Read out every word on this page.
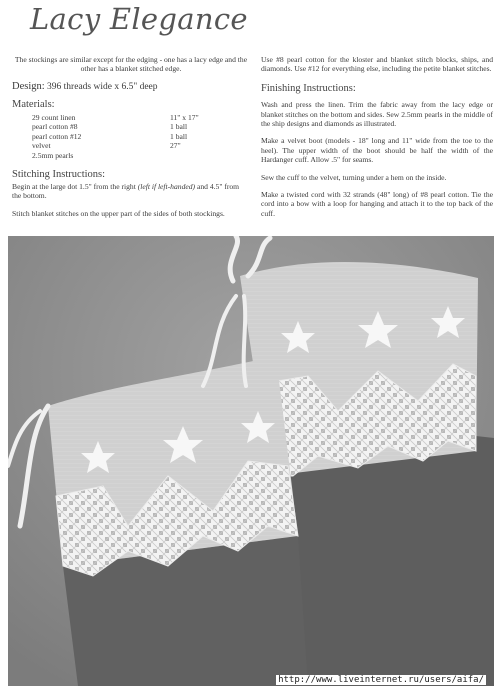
Lacy Elegance

The stockings are similar except for the edging - one has a lacy edge and the other has a blanket stitched edge.

Design: 396 threads wide x 6.5" deep
Materials:
29 count linen	11" x 17"
pearl cotton #8	1 ball
pearl cotton #12	1 ball
velvet	27"
2.5mm pearls
Stitching Instructions:

Begin at the large dot 1.5" from the right (left if left-handed) and 4.5" from the bottom.

Stitch blanket stitches on the upper part of the sides of both stockings.

Use #8 pearl cotton for the kloster and blanket stitch blocks, ships, and diamonds. Use #12 for everything else, including the petite blanket stitches.

Finishing Instructions:

Wash and press the linen. Trim the fabric away from the lacy edge or blanket stitches on the bottom and sides. Sew 2.5mm pearls in the middle of the ship designs and diamonds as illustrated.

Make a velvet boot (models - 18" long and 11" wide from the toe to the heel). The upper width of the boot should be half the width of the Hardanger cuff. Allow .5" for seams.

Sew the cuff to the velvet, turning under a hem on the inside.

Make a twisted cord with 32 strands (48" long) of #8 pearl cotton. Tie the cord into a bow with a loop for hanging and attach it to the top back of the cuff.

http://www.liveinternet.ru/users/aifa/
